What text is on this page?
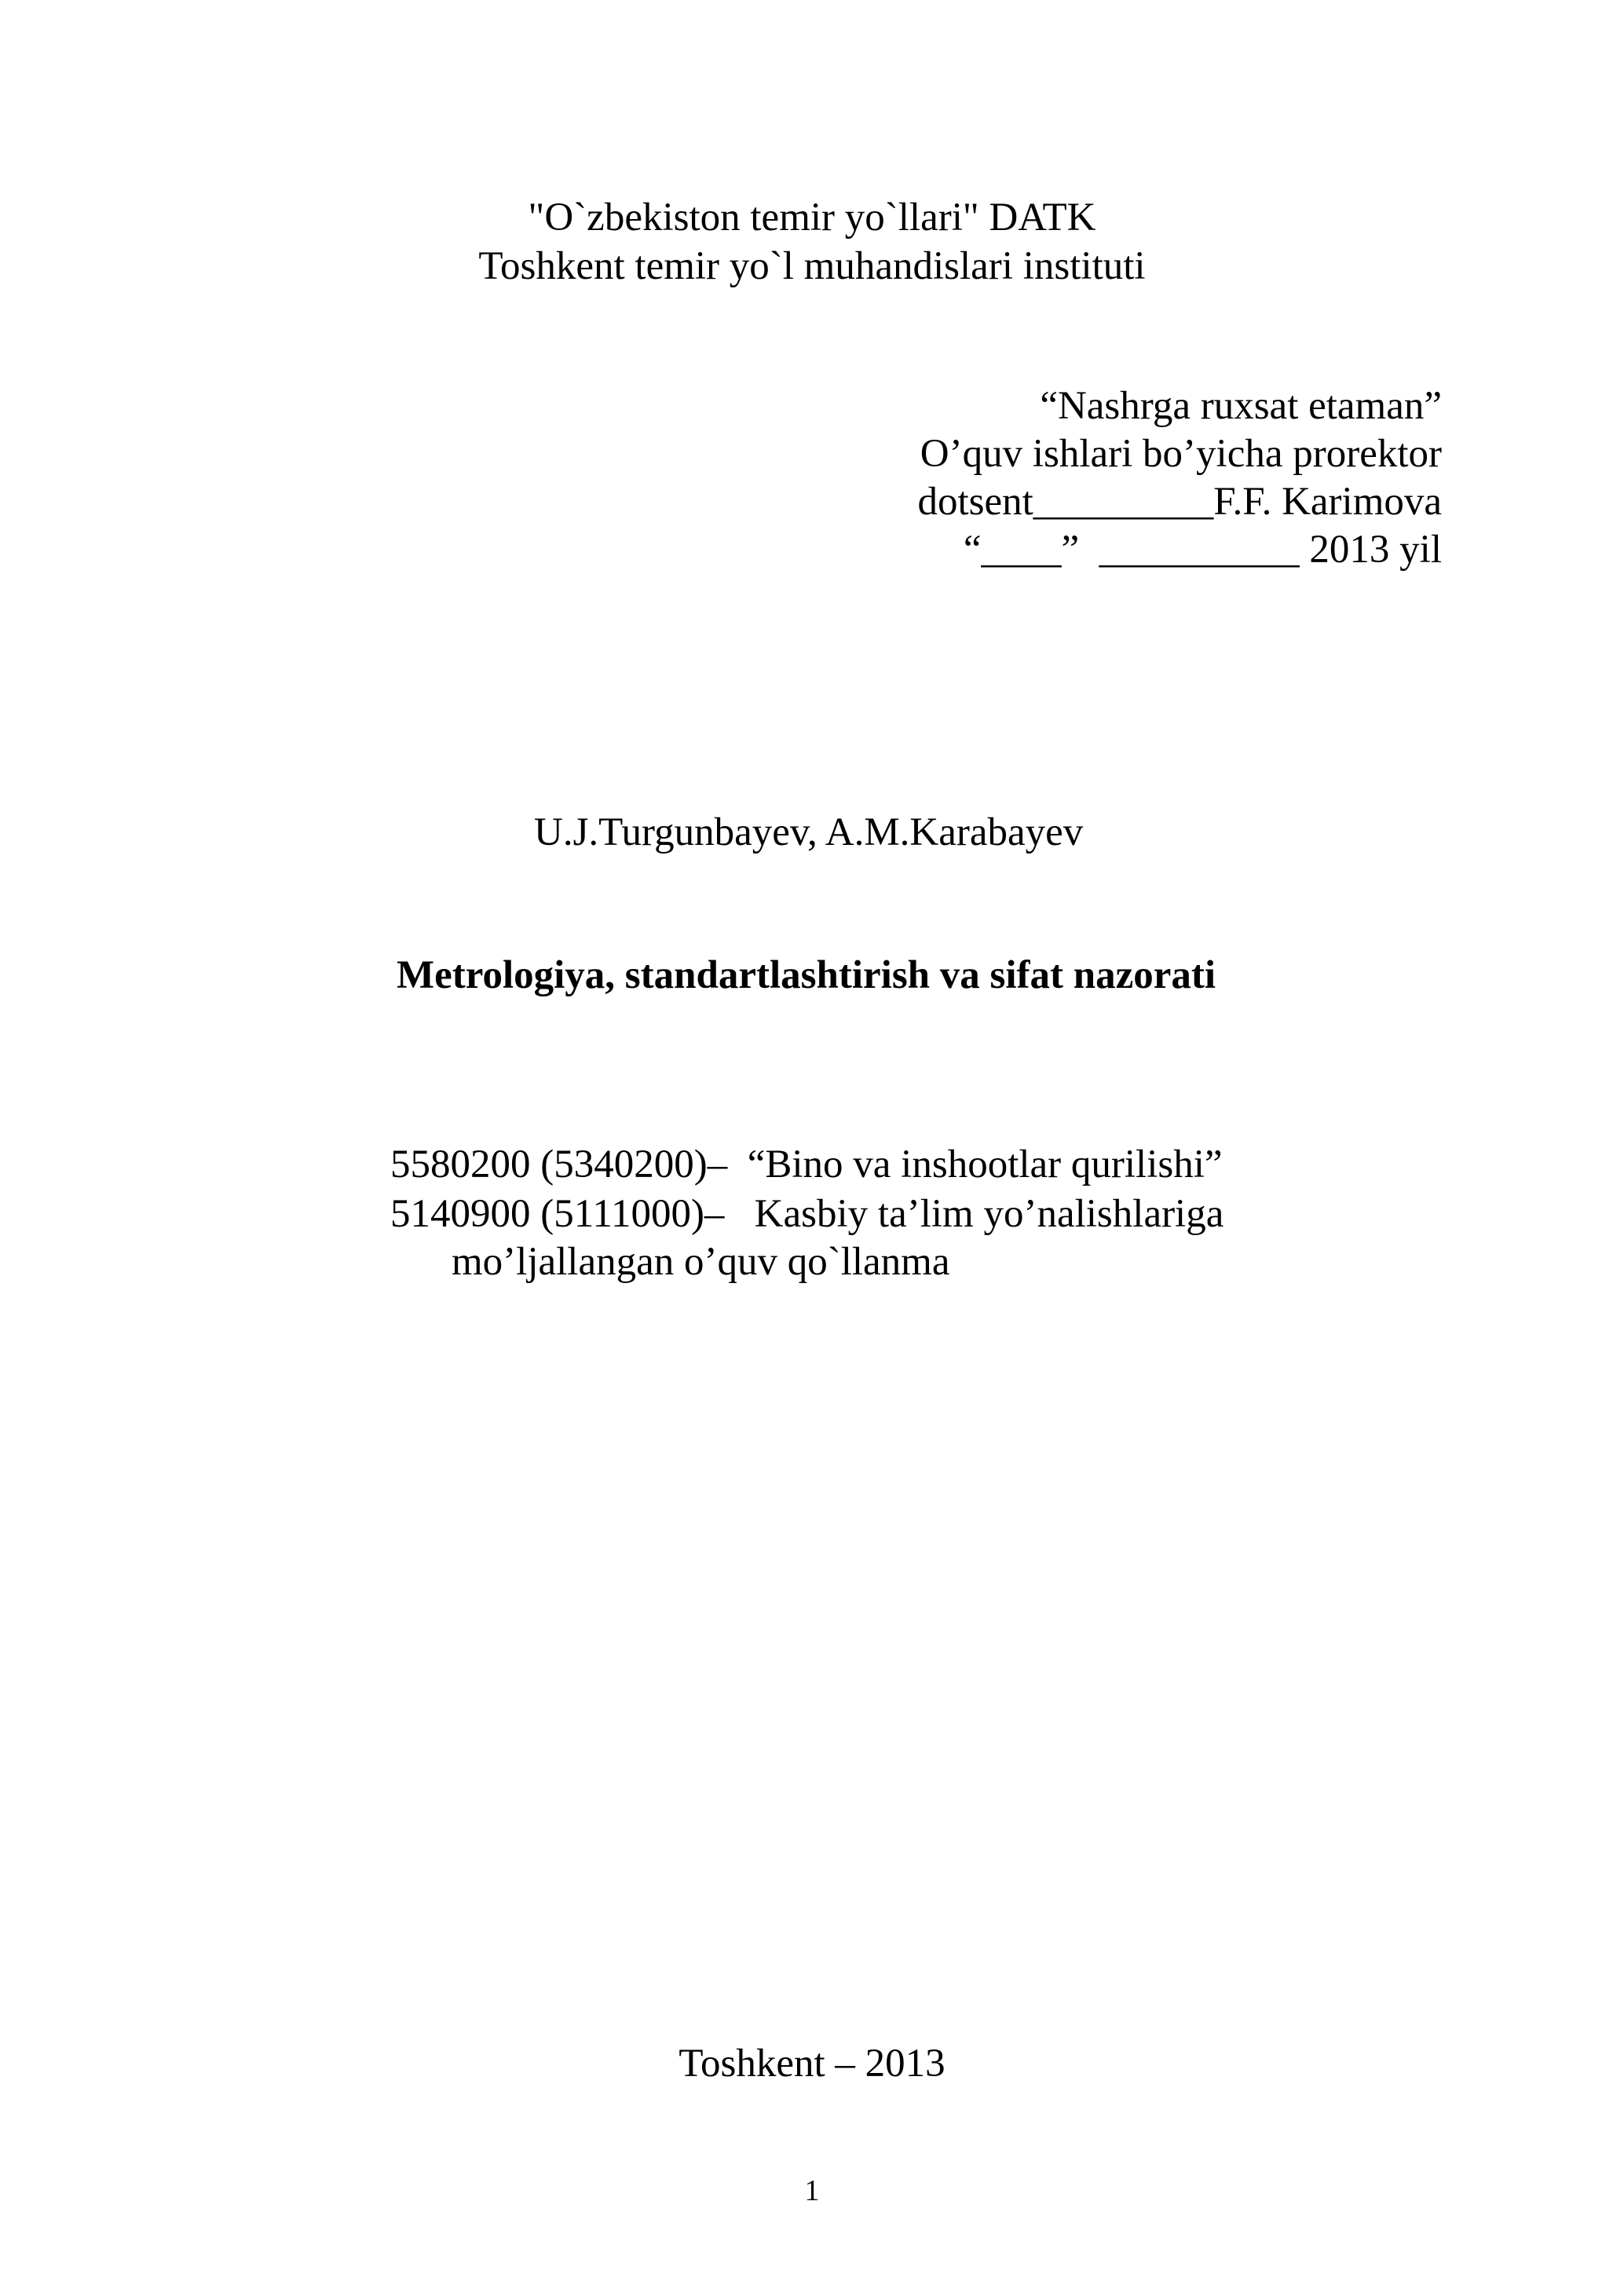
"O`zbekiston temir yo`llari" DATK
Toshkent temir yo`l muhandislari instituti
“Nashrga ruxsat etaman”
O’quv ishlari bo’yicha prorektor
dotsent_________F.F. Karimova
“____”  __________ 2013 yil
U.J.Turgunbayev, A.M.Karabayev
Metrologiya, standartlashtirish va sifat nazorati
5580200 (5340200)–  “Bino va inshootlar qurilishi”
5140900 (5111000)–   Kasbiy ta’lim yo’nalishlariga
mo’ljallangan o’quv qo`llanma
Toshkent – 2013
1
